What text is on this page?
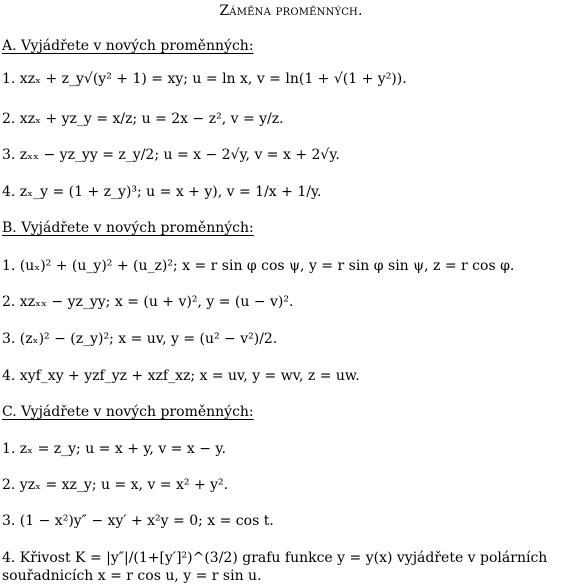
Záměna proměnných.
A. Vyjádřete v nových proměnných:
1. xzₓ + z_y√(y² + 1) = xy; u = ln x, v = ln(1 + √(1 + y²)).
2. xzₓ + yz_y = x/z; u = 2x − z², v = y/z.
3. zₓₓ − yz_yy = z_y/2; u = x − 2√y, v = x + 2√y.
4. zₓ_y = (1 + z_y)³; u = x + y), v = 1/x + 1/y.
B. Vyjádřete v nových proměnných:
1. (uₓ)² + (u_y)² + (u_z)²; x = r sin φ cos ψ, y = r sin φ sin ψ, z = r cos φ.
2. xzₓₓ − yz_yy; x = (u + v)², y = (u − v)².
3. (zₓ)² − (z_y)²; x = uv, y = (u² − v²)/2.
4. xyf_xy + yzf_yz + xzf_xz; x = uv, y = wv, z = uw.
C. Vyjádřete v nových proměnných:
1. zₓ = z_y; u = x + y, v = x − y.
2. yzₓ = xz_y; u = x, v = x² + y².
3. (1 − x²)y″ − xy′ + x²y = 0; x = cos t.
4. Křivost K = |y″|/(1+[y′]²)^(3/2) grafu funkce y = y(x) vyjádřete v polárních souřadnicích x = r cos u, y = r sin u.
